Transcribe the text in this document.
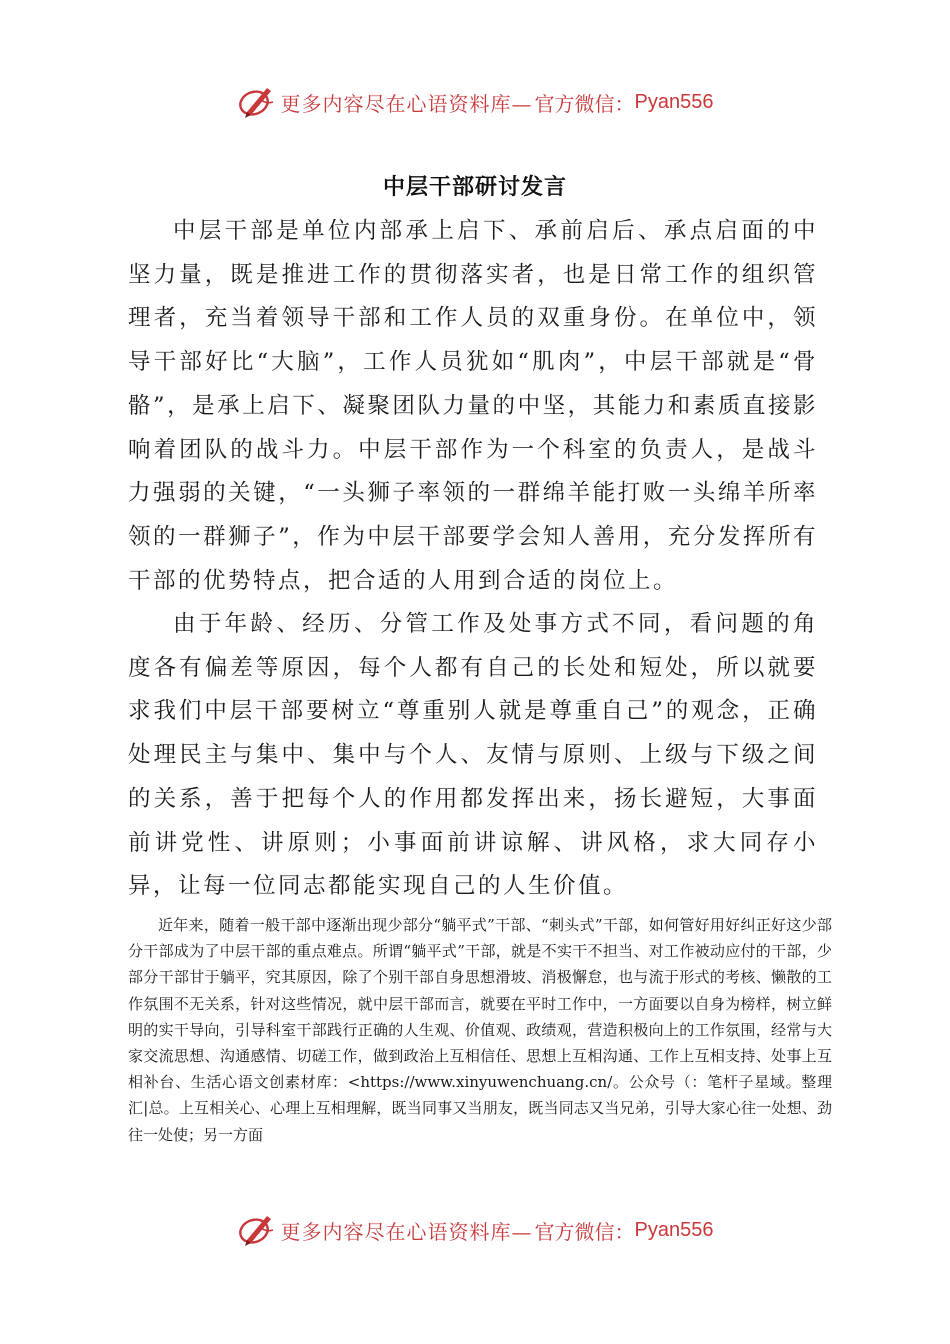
更多内容尽在心语资料库— 官方微信： Pyan556
中层干部研讨发言

中层干部是单位内部承上启下、承前启后、承点启面的中坚力量，既是推进工作的贯彻落实者，也是日常工作的组织管理者，充当着领导干部和工作人员的双重身份。在单位中，领导干部好比“大脑”，工作人员犹如“肌肉”，中层干部就是“骨骼”，是承上启下、凝聚团队力量的中坚，其能力和素质直接影响着团队的战斗力。中层干部作为一个科室的负责人，是战斗力强弱的关键，“一头狮子率领的一群绵羊能打败一头绵羊所率领的一群狮子”，作为中层干部要学会知人善用，充分发挥所有干部的优势特点，把合适的人用到合适的岗位上。

由于年龄、经历、分管工作及处事方式不同，看问题的角度各有偏差等原因，每个人都有自己的长处和短处，所以就要求我们中层干部要树立“尊重别人就是尊重自己”的观念，正确处理民主与集中、集中与个人、友情与原则、上级与下级之间的关系，善于把每个人的作用都发挥出来，扬长避短，大事面前讲党性、讲原则；小事面前讲谅解、讲风格，求大同存小异，让每一位同志都能实现自己的人生价值。

近年来，随着一般干部中逐渐出现少部分“躺平式”干部、“刺头式”干部，如何管好用好纠正好这少部分干部成为了中层干部的重点难点。所谓“躺平式”干部，就是不实干不担当、对工作被动应付的干部，少部分干部甘于躺平，究其原因，除了个别干部自身思想滑坡、消极懈怠，也与流于形式的考核、懒散的工作氛围不无关系，针对这些情况，就中层干部而言，就要在平时工作中，一方面要以自身为榜样，树立鲜明的实干导向，引导科室干部践行正确的人生观、价值观、政绩观，营造积极向上的工作氛围，经常与大家交流思想、沟通感情、切磋工作，做到政治上互相信任、思想上互相沟通、工作上互相支持、处事上互相补台、生活心语文创素材库：<https://www.xinyuwenchuang.cn/。公众号（：笔杆子星域。整理汇|总。上互相关心、心理上互相理解，既当同事又当朋友，既当同志又当兄弟，引导大家心往一处想、劲往一处使；另一方面

更多内容尽在心语资料库— 官方微信： Pyan556
